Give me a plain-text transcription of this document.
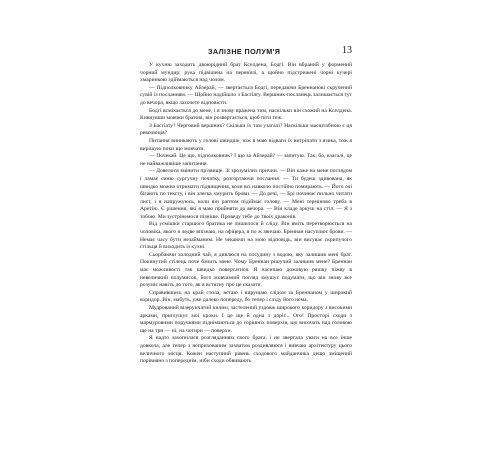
ЗАЛІЗНЕ ПОЛУМ'Я	13

У кухню заходить двоюрідний брат Кселдена, Бодгі. Він вбраний у формений чорний мундир; рука підвішена на перев'язі, а щойно підстрижені чорні кучері хмаринкою здіймаються над чолом.

— Підполковнику Айзерай, — звертається Бодгі, передаючи Бреннанові скручений сувій із посланням. — Щойно надійшло з Басгіату. Вершник-посланець залишається тут до вечора, якщо захочете відповісти.

Бодгі всміхається до мене, і я знову вражена тим, наскільки він схожий на Кселдена. Кивнувши мовчки братові, він розвертається, щоб піти теж.

З Басгіату? Черговий вершник? Скільки їх там узагалі? Наскільки масштабною є ця революція?

Питання виникають у голові швидше, ніж я маю відваги їх витріпати з язика, тож я вирішую поки що мовчати.

— Почекай. Це що, підполковник? І що за Айзерай? — запитую. Так, бо, взагалі, це не найважливіше запитання.

— Довелося змінити прізвище. Зі зрозумілих причин. — Він каже на мене поглядом і ламає синю сургучну печатку, розгортаючи послання. — Ти будеш здивована, як швидко можна отримати підвищення, коли всі навколо постійно помирають. — Його очі бігають по тексту, і він злегка хмурить брови. — До речі, — Брі починає пильно читати лист, і я напружуюсь, коли він раптом підіймає голову. — Мені терміново треба в Аретію. Є рішення, які я маю прийняти до вечора. — Він кладе аркуш на стіл. — Я з тобою. Ми зустрінемося пізніше. Проведу тебе до твоїх драконів.

Від усмішки старшого братика не лишилося й сліду. Він вміть перетворюється на чоловіка, якого я ледве впізнаю, на офіцера, я по ж звичаю. Бреннан насуплює брови. — Немає часу бути незайманим. Не чекаючи на мою відповідь, він висуває скрипучого стільця й виходить із кухні.

Сьорбаючи холодний чай, я дивлюся на посудину з водою, яку залишив мені брат. Покинутий стілець поче бачить мене. Чому Бреннан рішучий залишив мене? Бреннан має можливості так швидко повертатися. Я насипаю дожовую ряшку піжву в невеличкий полумисок, його мовчазний погляд змушує подумати, що він знову все розуміє навіть до того, як я встигну про це сказати.

Справившись на край стола, встаю і вирушаю слідом за Бреннаном у широкий коридор. Він, мабуть, уже далеко попереду, бо тепер і сліду його нема.

Мудрований візерунчатий килим, застелений уздовж широкого коридору з високими арками, приглушує мої кроки. І це ще й одна з доріг... Ого! Просторі сходи з мармуровими поручнями піднімаються до горішніх поверхів, що височать над головою ще на три — ні, на чотири — поверхи.

Я надто захопилася розгляданням свого брата, і не звертала уваги на все інше довкола, але тепер з неприхованим захватом роздивляюся і вивчаю архітектуру цього величного місця. Кожен наступний рівень сходового майданчика дещо зміщений порівняно з попереднім, ніби сходи обвивають
